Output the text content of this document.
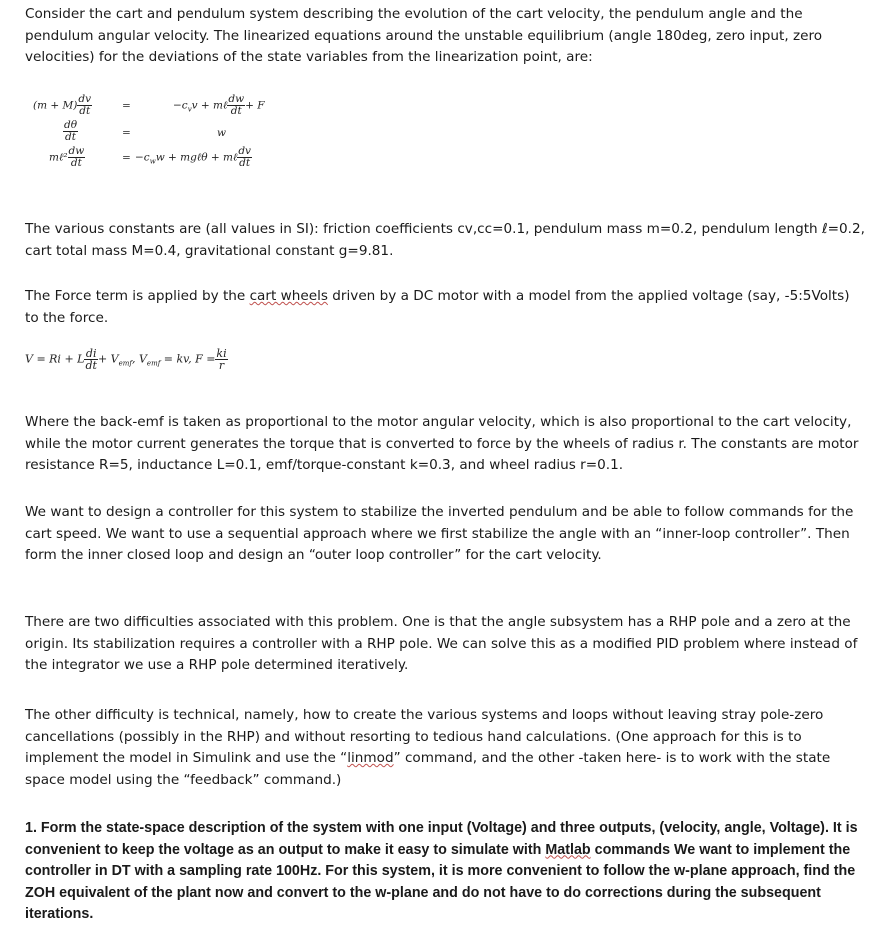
Consider the cart and pendulum system describing the evolution of the cart velocity, the pendulum angle and the pendulum angular velocity. The linearized equations around the unstable equilibrium (angle 180deg, zero input, zero velocities) for the deviations of the state variables from the linearization point, are:

$(m + M) \frac{dv}{dt}$	=	$-c_vv$ + mℓ $\frac{dw}{dt} + F$
$\frac{d\theta}{dt}$	=	w
mℓ² $\frac{dw}{dt}$	= $-c_ww$ + mgℓθ + mℓ $\frac{dv}{dt}$

The various constants are (all values in SI): friction coefficients cv,cc=0.1, pendulum mass m=0.2, pendulum length ℓ=0.2, cart total mass M=0.4, gravitational constant g=9.81.

The Force term is applied by the cart wheels driven by a DC motor with a model from the applied voltage (say, -5:5Volts) to the force.

V = Ri + L $\frac{di}{dt} + V_{emf}$, $V_{emf}$ = kv, $F = \frac{ki}{r}$

Where the back-emf is taken as proportional to the motor angular velocity, which is also proportional to the cart velocity, while the motor current generates the torque that is converted to force by the wheels of radius r. The constants are motor resistance R=5, inductance L=0.1, emf/torque-constant k=0.3, and wheel radius r=0.1.

We want to design a controller for this system to stabilize the inverted pendulum and be able to follow commands for the cart speed. We want to use a sequential approach where we first stabilize the angle with an “inner-loop controller”. Then form the inner closed loop and design an “outer loop controller” for the cart velocity.

There are two difficulties associated with this problem. One is that the angle subsystem has a RHP pole and a zero at the origin. Its stabilization requires a controller with a RHP pole. We can solve this as a modified PID problem where instead of the integrator we use a RHP pole determined iteratively.

The other difficulty is technical, namely, how to create the various systems and loops without leaving stray pole-zero cancellations (possibly in the RHP) and without resorting to tedious hand calculations. (One approach for this is to implement the model in Simulink and use the “linmod” command, and the other -taken here- is to work with the state space model using the “feedback” command.)

1. Form the state-space description of the system with one input (Voltage) and three outputs, (velocity, angle, Voltage). It is convenient to keep the voltage as an output to make it easy to simulate with Matlab commands We want to implement the controller in DT with a sampling rate 100Hz. For this system, it is more convenient to follow the w-plane approach, find the ZOH equivalent of the plant now and convert to the w-plane and do not have to do corrections during the subsequent iterations.
